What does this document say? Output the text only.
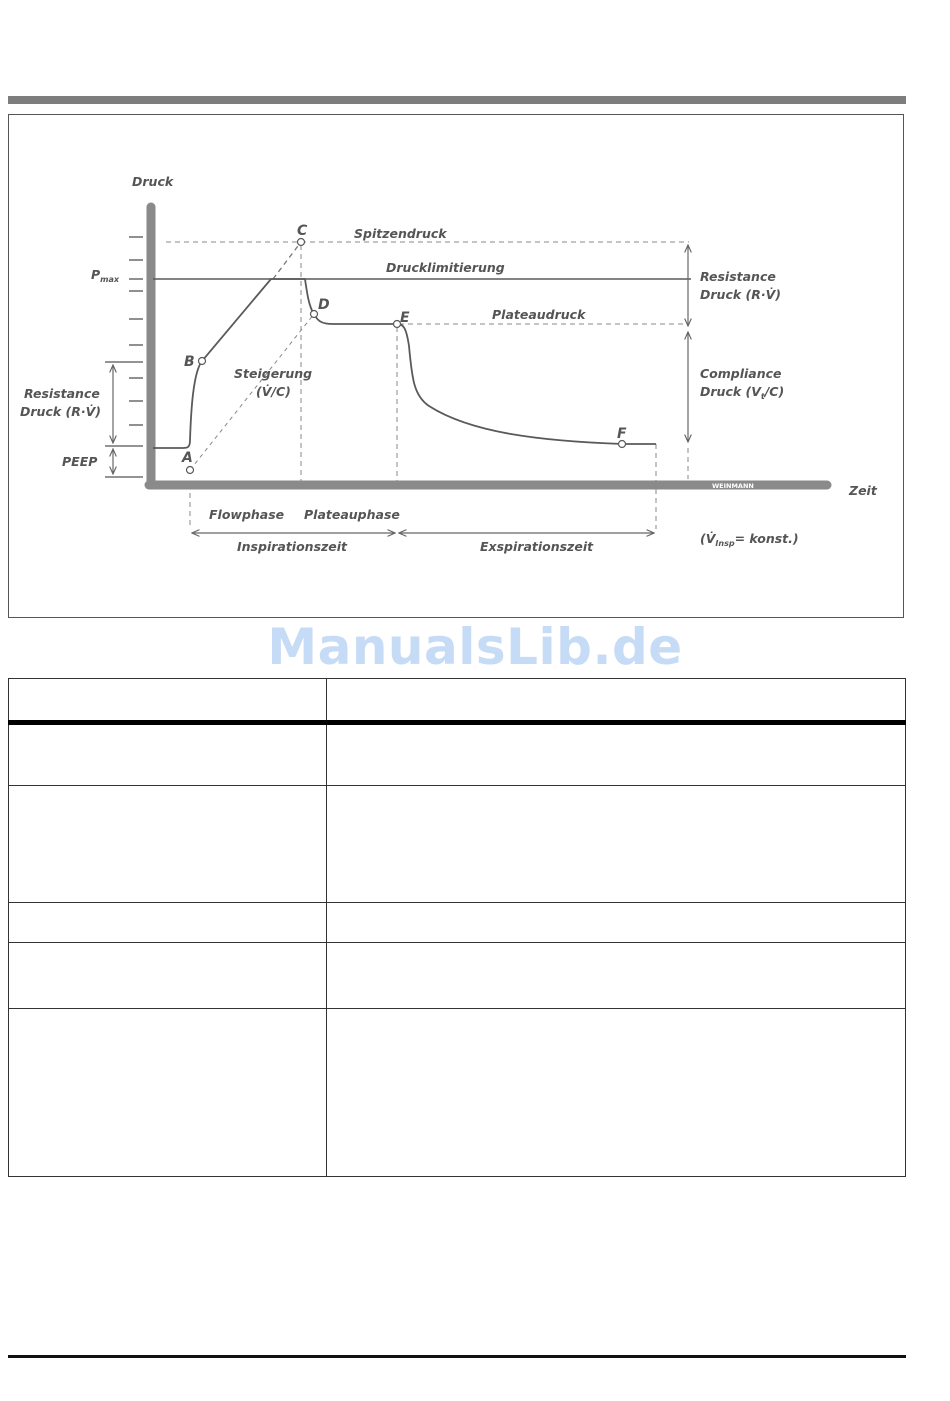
Druck
Zeit
$P_{max}$
PEEP
Resistance
Druck (R·V̇)
Spitzendruck
Drucklimitierung
Plateaudruck
Resistance
Druck (R·V̇)
Compliance
Druck $(V_t/C)$
Steigerung
(V̇/C)
A
B
C
D
E
F
Flowphase Plateauphase
Inspirationszeit	Exspirationszeit
($V̇_{Insp}=$ konst.)
WEINMANN
ManualsLib.de
